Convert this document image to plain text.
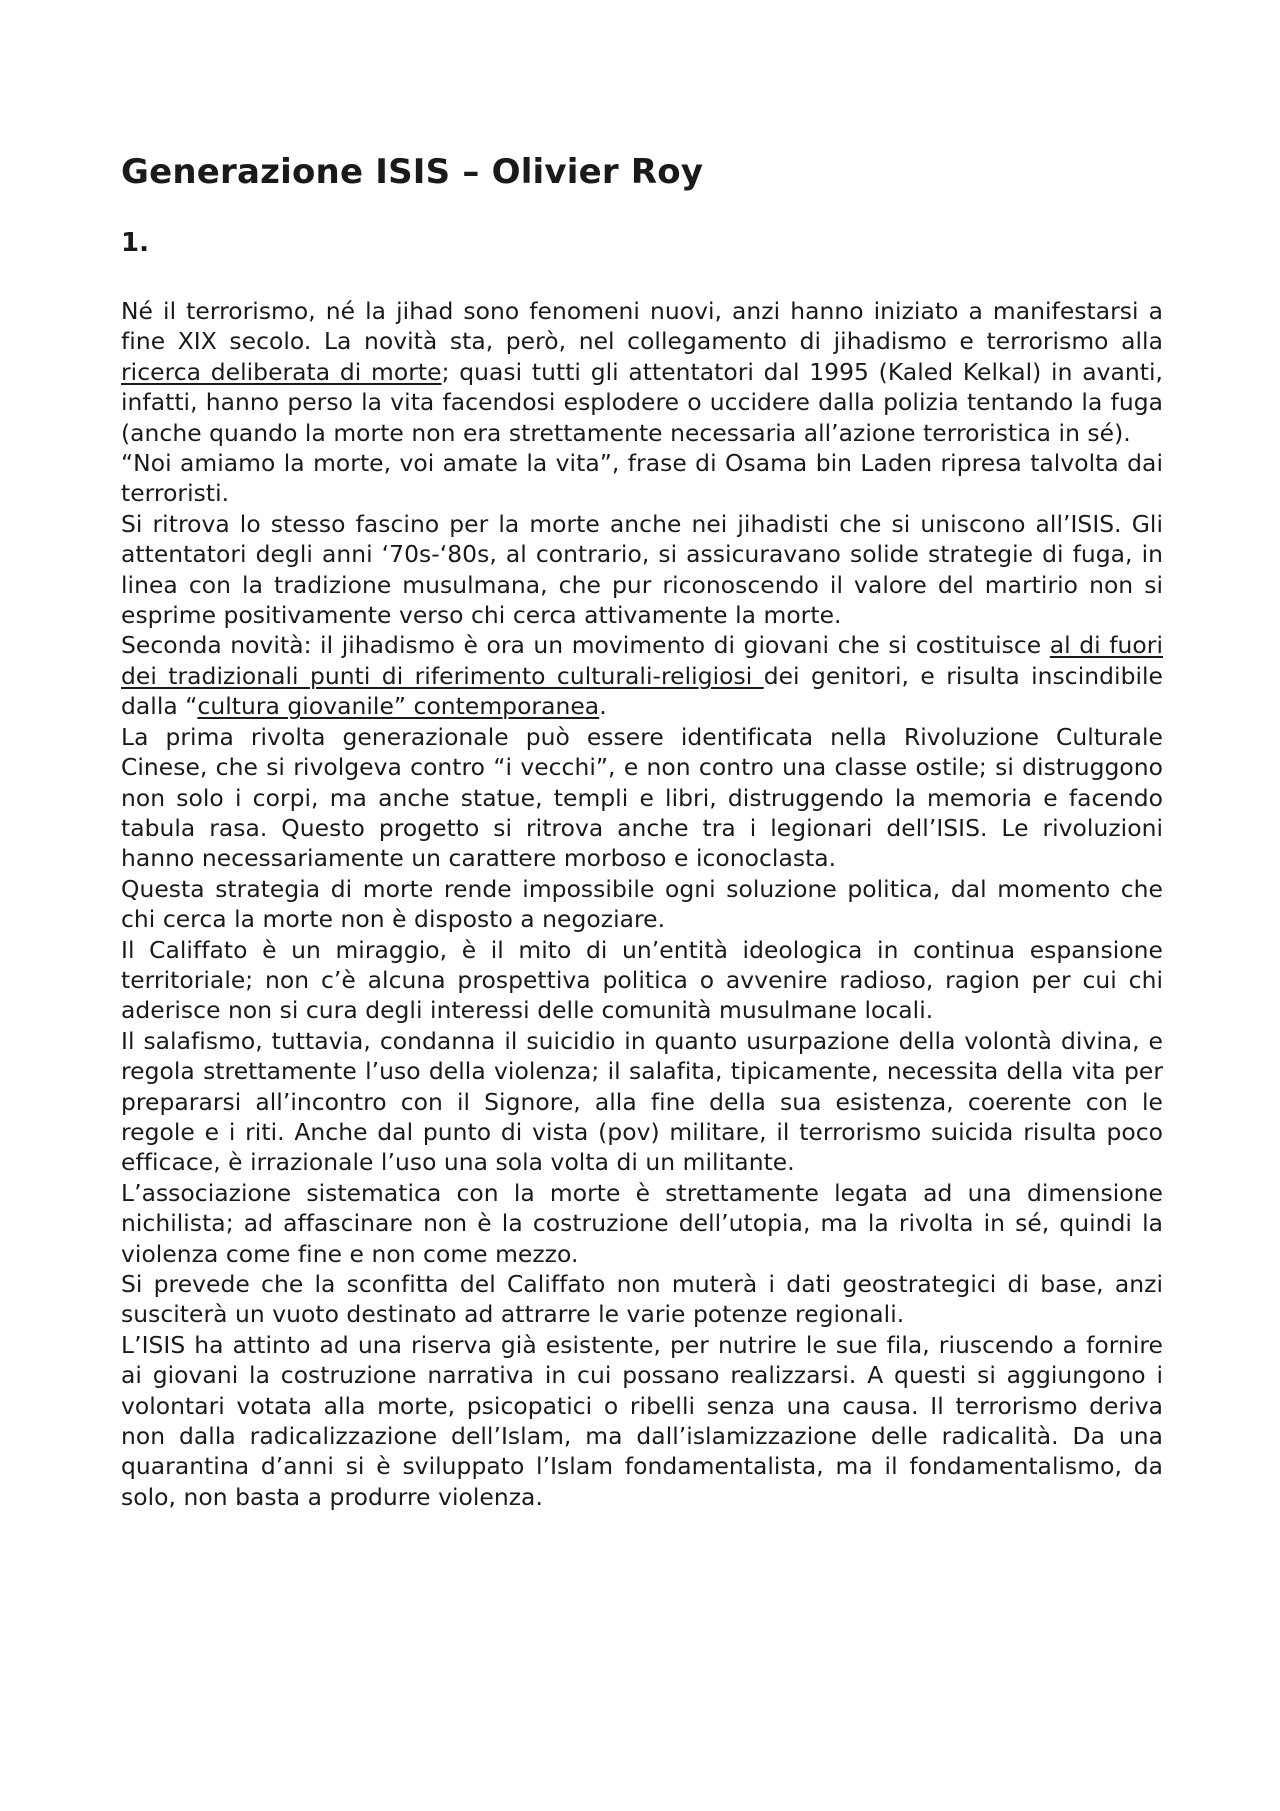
Generazione ISIS – Olivier Roy
1.

Né il terrorismo, né la jihad sono fenomeni nuovi, anzi hanno iniziato a manifestarsi a fine XIX secolo. La novità sta, però, nel collegamento di jihadismo e terrorismo alla ricerca deliberata di morte; quasi tutti gli attentatori dal 1995 (Kaled Kelkal) in avanti, infatti, hanno perso la vita facendosi esplodere o uccidere dalla polizia tentando la fuga (anche quando la morte non era strettamente necessaria all’azione terroristica in sé).

“Noi amiamo la morte, voi amate la vita”, frase di Osama bin Laden ripresa talvolta dai terroristi.

Si ritrova lo stesso fascino per la morte anche nei jihadisti che si uniscono all’ISIS. Gli attentatori degli anni ‘70s-‘80s, al contrario, si assicuravano solide strategie di fuga, in linea con la tradizione musulmana, che pur riconoscendo il valore del martirio non si esprime positivamente verso chi cerca attivamente la morte.

Seconda novità: il jihadismo è ora un movimento di giovani che si costituisce al di fuori dei tradizionali punti di riferimento culturali-religiosi dei genitori, e risulta inscindibile dalla “cultura giovanile” contemporanea.

La prima rivolta generazionale può essere identificata nella Rivoluzione Culturale Cinese, che si rivolgeva contro “i vecchi”, e non contro una classe ostile; si distruggono non solo i corpi, ma anche statue, templi e libri, distruggendo la memoria e facendo tabula rasa. Questo progetto si ritrova anche tra i legionari dell’ISIS. Le rivoluzioni hanno necessariamente un carattere morboso e iconoclasta.

Questa strategia di morte rende impossibile ogni soluzione politica, dal momento che chi cerca la morte non è disposto a negoziare.

Il Califfato è un miraggio, è il mito di un’entità ideologica in continua espansione territoriale; non c’è alcuna prospettiva politica o avvenire radioso, ragion per cui chi aderisce non si cura degli interessi delle comunità musulmane locali.

Il salafismo, tuttavia, condanna il suicidio in quanto usurpazione della volontà divina, e regola strettamente l’uso della violenza; il salafita, tipicamente, necessita della vita per prepararsi all’incontro con il Signore, alla fine della sua esistenza, coerente con le regole e i riti. Anche dal punto di vista (pov) militare, il terrorismo suicida risulta poco efficace, è irrazionale l’uso una sola volta di un militante.

L’associazione sistematica con la morte è strettamente legata ad una dimensione nichilista; ad affascinare non è la costruzione dell’utopia, ma la rivolta in sé, quindi la violenza come fine e non come mezzo.

Si prevede che la sconfitta del Califfato non muterà i dati geostrategici di base, anzi susciterà un vuoto destinato ad attrarre le varie potenze regionali.

L’ISIS ha attinto ad una riserva già esistente, per nutrire le sue fila, riuscendo a fornire ai giovani la costruzione narrativa in cui possano realizzarsi. A questi si aggiungono i volontari votata alla morte, psicopatici o ribelli senza una causa. Il terrorismo deriva non dalla radicalizzazione dell’Islam, ma dall’islamizzazione delle radicalità. Da una quarantina d’anni si è sviluppato l’Islam fondamentalista, ma il fondamentalismo, da solo, non basta a produrre violenza.
